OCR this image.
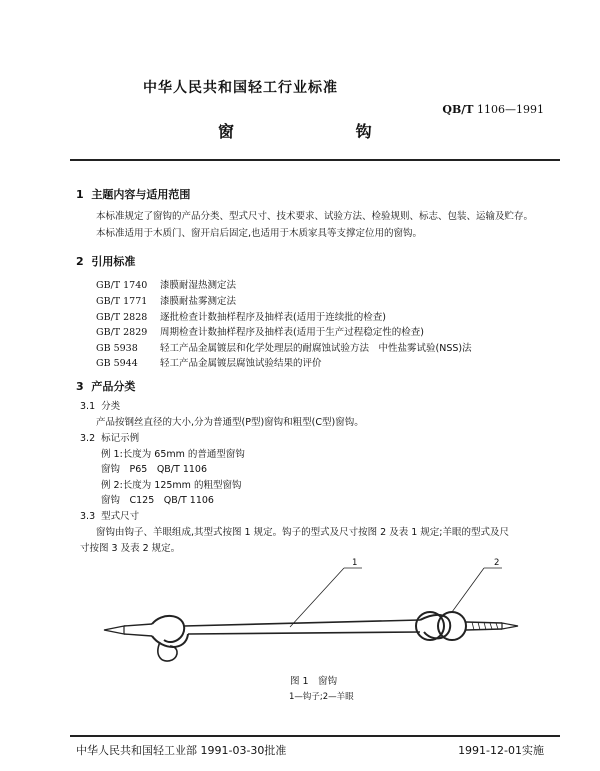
中华人民共和国轻工行业标准
QB/T 1106—1991
窗 钩
1 主题内容与适用范围
本标准规定了窗钩的产品分类、型式尺寸、技术要求、试验方法、检验规则、标志、包装、运输及贮存。
本标准适用于木质门、窗开启后固定,也适用于木质家具等支撑定位用的窗钩。
2 引用标准
GB/T 1740 漆膜耐湿热测定法
GB/T 1771 漆膜耐盐雾测定法
GB/T 2828 逐批检查计数抽样程序及抽样表(适用于连续批的检查)
GB/T 2829 周期检查计数抽样程序及抽样表(适用于生产过程稳定性的检查)
GB 5938 轻工产品金属镀层和化学处理层的耐腐蚀试验方法　中性盐雾试验(NSS)法
GB 5944 轻工产品金属镀层腐蚀试验结果的评价
3 产品分类
3.1 分类
产品按钢丝直径的大小,分为普通型(P型)窗钩和粗型(C型)窗钩。
3.2 标记示例
例 1:长度为 65mm 的普通型窗钩
窗钩　P65　QB/T 1106
例 2:长度为 125mm 的粗型窗钩
窗钩　C125　QB/T 1106
3.3 型式尺寸
窗钩由钩子、羊眼组成,其型式按图 1 规定。钩子的型式及尺寸按图 2 及表 1 规定;羊眼的型式及尺
寸按图 3 及表 2 规定。
1	2
图 1　窗钩
1—钩子;2—羊眼
中华人民共和国轻工业部 1991-03-30批准	1991-12-01实施
